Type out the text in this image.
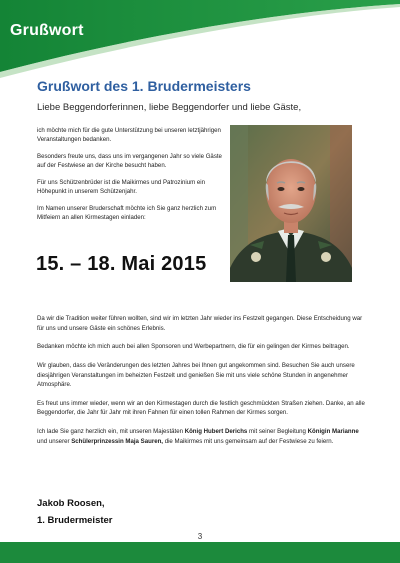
Grußwort
Grußwort des 1. Brudermeisters
Liebe Beggendorferinnen, liebe Beggendorfer und liebe Gäste,

ich möchte mich für die gute Unterstützung bei unseren letztjährigen Veranstaltungen bedanken.

Besonders freute uns, dass uns im vergangenen Jahr so viele Gäste auf der Festwiese an der Kirche besucht haben.

Für uns Schützenbrüder ist die Maikirmes und Patrozinium ein Höhepunkt in unserem Schützenjahr.

Im Namen unserer Bruderschaft möchte ich Sie ganz herzlich zum Mitfeiern an allen Kirmestagen einladen:

15. – 18. Mai 2015

Da wir die Tradition weiter führen wollten, sind wir im letzten Jahr wieder ins Festzelt gegangen. Diese Entscheidung war für uns und unsere Gäste ein schönes Erlebnis.

Bedanken möchte ich mich auch bei allen Sponsoren und Werbepartnern, die für ein gelingen der Kirmes beitragen.

Wir glauben, dass die Veränderungen des letzten Jahres bei Ihnen gut angekommen sind. Besuchen Sie auch unsere diesjährigen Veranstaltungen im beheizten Festzelt und genießen Sie mit uns viele schöne Stunden in angenehmer Atmosphäre.

Es freut uns immer wieder, wenn wir an den Kirmestagen durch die festlich geschmückten Straßen ziehen. Danke, an alle Beggendorfer, die Jahr für Jahr mit ihren Fahnen für einen tollen Rahmen der Kirmes sorgen.

Ich lade Sie ganz herzlich ein, mit unseren Majestäten König Hubert Derichs mit seiner Begleitung Königin Marianne und unserer Schülerprinzessin Maja Sauren, die Maikirmes mit uns gemeinsam auf der Festwiese zu feiern.

Jakob Roosen,
1. Brudermeister
3
